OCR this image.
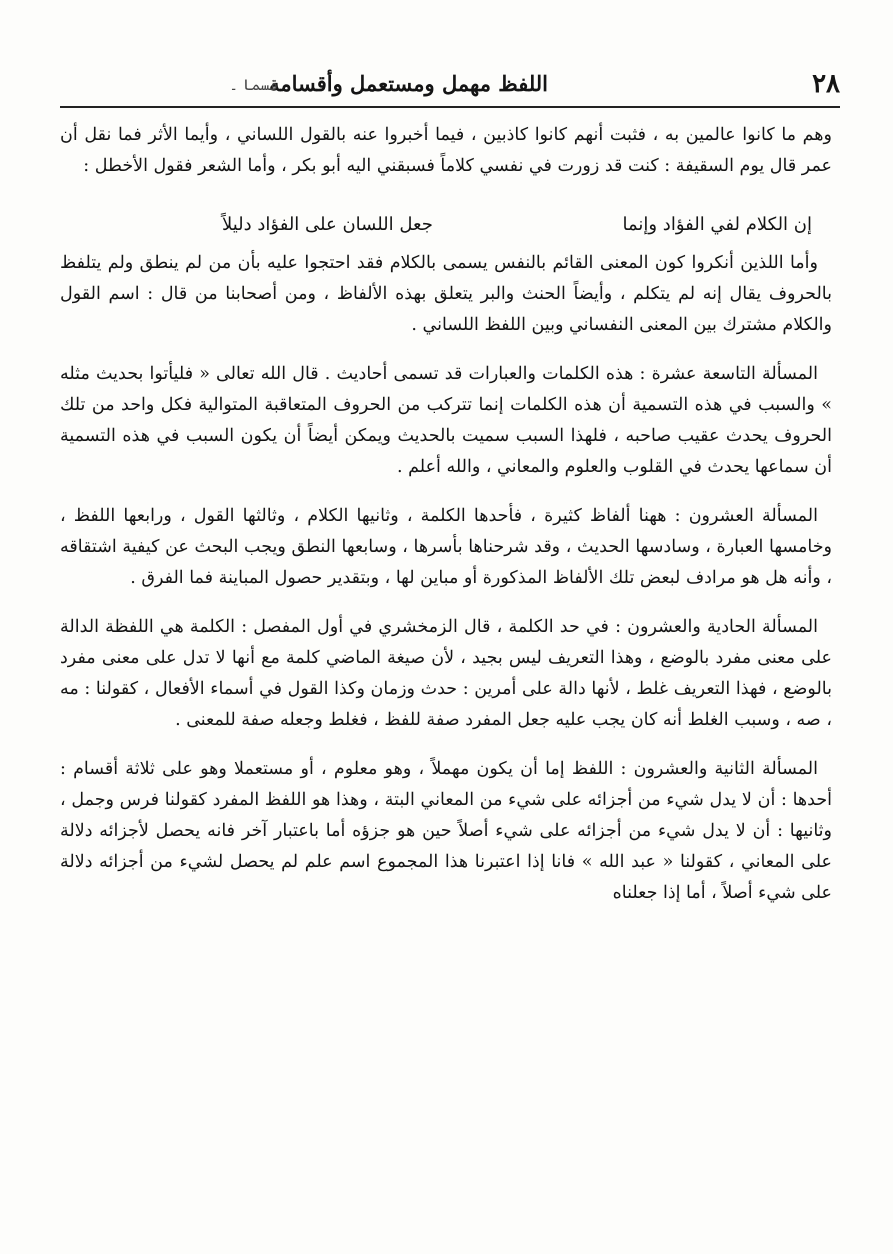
٢٨
اللفظ مهمل ومستعمل وأقسامه
قسما ۔

وهم ما كانوا عالمين به ، فثبت أنهم كانوا كاذبين ، فيما أخبروا عنه بالقول اللساني ، وأيما الأثر فما نقل أن عمر قال يوم السقيفة : كنت قد زورت في نفسي كلاماً فسبقني اليه أبو بكر ، وأما الشعر فقول الأخطل :

إن الكلام لفي الفؤاد وإنما
جعل اللسان على الفؤاد دليلاً

وأما اللذين أنكروا كون المعنى القائم بالنفس يسمى بالكلام فقد احتجوا عليه بأن من لم ينطق ولم يتلفظ بالحروف يقال إنه لم يتكلم ، وأيضاً الحنث والبر يتعلق بهذه الألفاظ ، ومن أصحابنا من قال : اسم القول والكلام مشترك بين المعنى النفساني وبين اللفظ اللساني .

المسألة التاسعة عشرة : هذه الكلمات والعبارات قد تسمى أحاديث . قال الله تعالى « فليأتوا بحديث مثله » والسبب في هذه التسمية أن هذه الكلمات إنما تتركب من الحروف المتعاقبة المتوالية فكل واحد من تلك الحروف يحدث عقيب صاحبه ، فلهذا السبب سميت بالحديث ويمكن أيضاً أن يكون السبب في هذه التسمية أن سماعها يحدث في القلوب والعلوم والمعاني ، والله أعلم .

المسألة العشرون : ههنا ألفاظ كثيرة ، فأحدها الكلمة ، وثانيها الكلام ، وثالثها القول ، ورابعها اللفظ ، وخامسها العبارة ، وسادسها الحديث ، وقد شرحناها بأسرها ، وسابعها النطق ويجب البحث عن كيفية اشتقاقه ، وأنه هل هو مرادف لبعض تلك الألفاظ المذكورة أو مباين لها ، وبتقدير حصول المباينة فما الفرق .

المسألة الحادية والعشرون : في حد الكلمة ، قال الزمخشري في أول المفصل : الكلمة هي اللفظة الدالة على معنى مفرد بالوضع ، وهذا التعريف ليس بجيد ، لأن صيغة الماضي كلمة مع أنها لا تدل على معنى مفرد بالوضع ، فهذا التعريف غلط ، لأنها دالة على أمرين : حدث وزمان وكذا القول في أسماء الأفعال ، كقولنا : مه ، صه ، وسبب الغلط أنه كان يجب عليه جعل المفرد صفة للفظ ، فغلط وجعله صفة للمعنى .

المسألة الثانية والعشرون : اللفظ إما أن يكون مهملاً ، وهو معلوم ، أو مستعملا وهو على ثلاثة أقسام : أحدها : أن لا يدل شيء من أجزائه على شيء من المعاني البتة ، وهذا هو اللفظ المفرد كقولنا فرس وجمل ، وثانيها : أن لا يدل شيء من أجزائه على شيء أصلاً حين هو جزؤه أما باعتبار آخر فانه يحصل لأجزائه دلالة على المعاني ، كقولنا « عبد الله » فانا إذا اعتبرنا هذا المجموع اسم علم لم يحصل لشيء من أجزائه دلالة على شيء أصلاً ، أما إذا جعلناه
